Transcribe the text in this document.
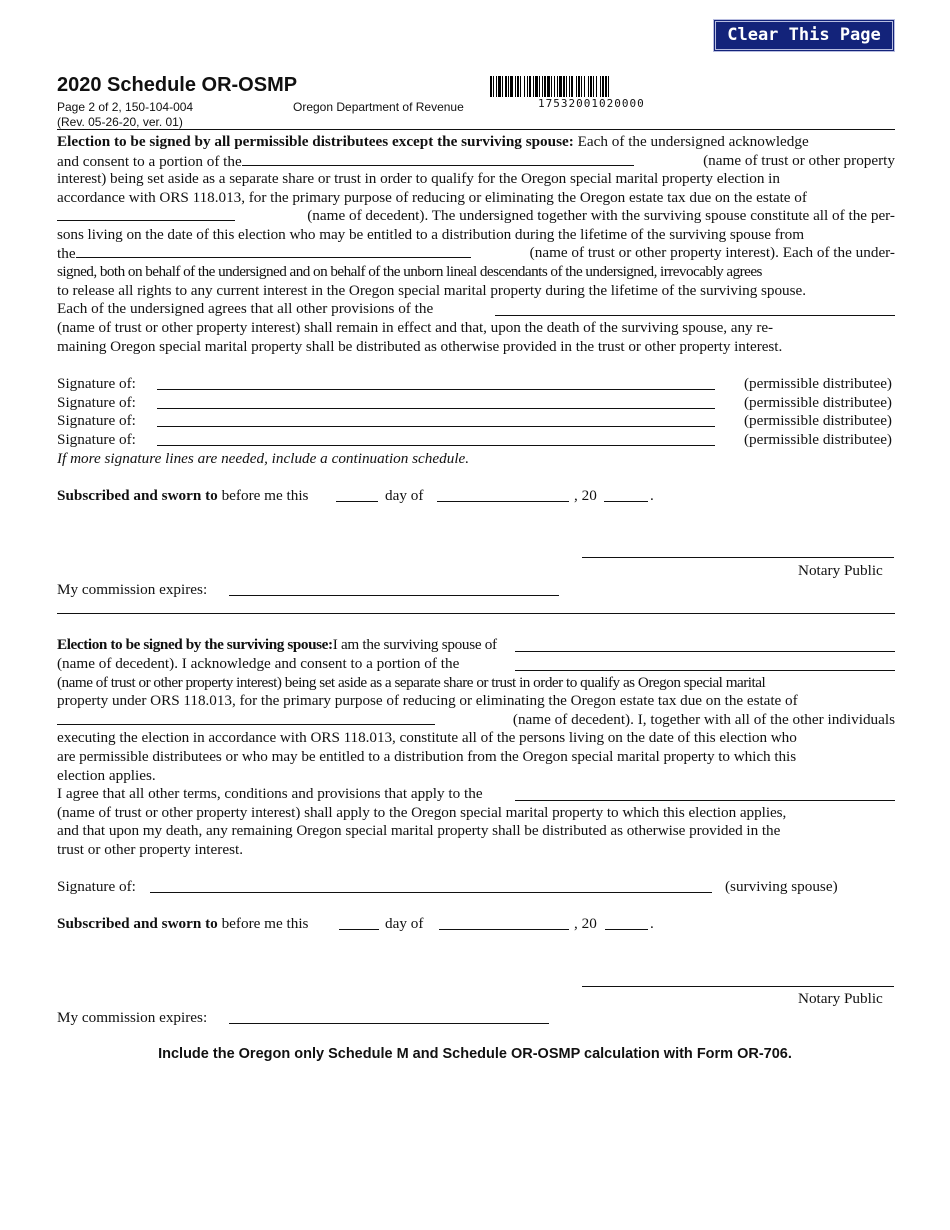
Clear This Page
2020 Schedule OR-OSMP
Page 2 of 2, 150-104-004
(Rev. 05-26-20, ver. 01)
Oregon Department of Revenue	17532001020000
Election to be signed by all permissible distributees except the surviving spouse: Each of the undersigned acknowledge
and consent to a portion of the	(name of trust or other property
interest) being set aside as a separate share or trust in order to qualify for the Oregon special marital property election in
accordance with ORS 118.013, for the primary purpose of reducing or eliminating the Oregon estate tax due on the estate of
(name of decedent). The undersigned together with the surviving spouse constitute all of the per-
sons living on the date of this election who may be entitled to a distribution during the lifetime of the surviving spouse from
the	(name of trust or other property interest). Each of the under-
signed, both on behalf of the undersigned and on behalf of the unborn lineal descendants of the undersigned, irrevocably agrees
to release all rights to any current interest in the Oregon special marital property during the lifetime of the surviving spouse.
Each of the undersigned agrees that all other provisions of the
(name of trust or other property interest) shall remain in effect and that, upon the death of the surviving spouse, any re-
maining Oregon special marital property shall be distributed as otherwise provided in the trust or other property interest.
Signature of:	(permissible distributee)
Signature of:	(permissible distributee)
Signature of:	(permissible distributee)
Signature of:	(permissible distributee)
If more signature lines are needed, include a continuation schedule.
Subscribed and sworn to before me this	day of	, 20	.
Notary Public
My commission expires:
Election to be signed by the surviving spouse:I am the surviving spouse of
(name of decedent). I acknowledge and consent to a portion of the
(name of trust or other property interest) being set aside as a separate share or trust in order to qualify as Oregon special marital
property under ORS 118.013, for the primary purpose of reducing or eliminating the Oregon estate tax due on the estate of
(name of decedent). I, together with all of the other individuals
executing the election in accordance with ORS 118.013, constitute all of the persons living on the date of this election who
are permissible distributees or who may be entitled to a distribution from the Oregon special marital property to which this
election applies.
I agree that all other terms, conditions and provisions that apply to the
(name of trust or other property interest) shall apply to the Oregon special marital property to which this election applies,
and that upon my death, any remaining Oregon special marital property shall be distributed as otherwise provided in the
trust or other property interest.
Signature of:	(surviving spouse)
Subscribed and sworn to before me this	day of	, 20	.
Notary Public
My commission expires:
Include the Oregon only Schedule M and Schedule OR-OSMP calculation with Form OR-706.
